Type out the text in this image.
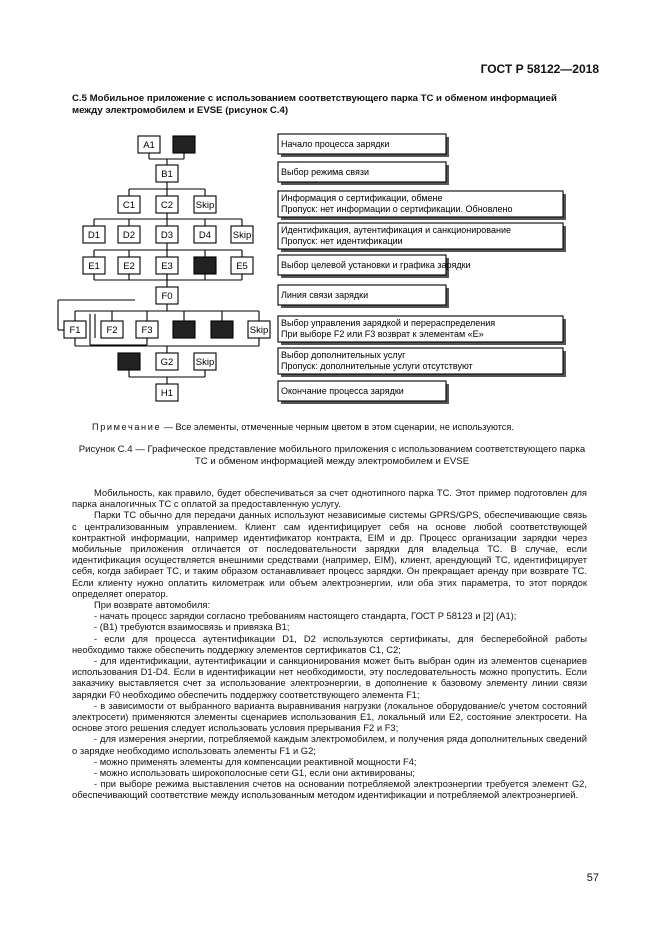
ГОСТ Р 58122—2018
С.5 Мобильное приложение с использованием соответствующего парка ТС и обменом информацией между электромобилем и EVSE (рисунок С.4)
A1
B1
C1	C2 Skip
D1 D2	D3	D4 Skip
E1 E2	E3	E5
F0
F1	F2	F3	Skip
G2 Skip
H1
Начало процесса зарядки
Выбор режима связи
Информация о сертификации, обмене
Пропуск: нет информации о сертификации. Обновлено
Идентификация, аутентификация и санкционирование
Пропуск: нет идентификации
Выбор целевой установки и графика зарядки
Линия связи зарядки
Выбор управления зарядкой и перераспределения
При выборе F2 или F3 возврат к элементам «E»
Выбор дополнительных услуг
Пропуск: дополнительные услуги отсутствуют
Окончание процесса зарядки
Примечание — Все элементы, отмеченные черным цветом в этом сценарии, не используются.
Рисунок С.4 — Графическое представление мобильного приложения с использованием соответствующего парка ТС и обменом информацией между электромобилем и EVSE

Мобильность, как правило, будет обеспечиваться за счет однотипного парка ТС. Этот пример подготовлен для парка аналогичных ТС с оплатой за предоставленную услугу.

Парки ТС обычно для передачи данных используют независимые системы GPRS/GPS, обеспечивающие связь с централизованным управлением. Клиент сам идентифицирует себя на основе любой соответствующей контрактной информации, например идентификатор контракта, EIM и др. Процесс организации зарядки через мобильные приложения отличается от последовательности зарядки для владельца ТС. В случае, если идентификация осуществляется внешними средствами (например, EIM), клиент, арендующий ТС, идентифицирует себя, когда забирает ТС, и таким образом останавливает процесс зарядки. Он прекращает аренду при возврате ТС. Если клиенту нужно оплатить километраж или объем электроэнергии, или оба этих параметра, то этот порядок определяет оператор.

При возврате автомобиля:

- начать процесс зарядки согласно требованиям настоящего стандарта, ГОСТ Р 58123 и [2] (A1);

- (B1) требуются взаимосвязь и привязка B1;

- если для процесса аутентификации D1, D2 используются сертификаты, для бесперебойной работы необходимо также обеспечить поддержку элементов сертификатов С1, С2;

- для идентификации, аутентификации и санкционирования может быть выбран один из элементов сценариев использования D1-D4. Если в идентификации нет необходимости, эту последовательность можно пропустить. Если заказчику выставляется счет за использование электроэнергии, в дополнение к базовому элементу линии связи зарядки F0 необходимо обеспечить поддержку соответствующего элемента F1;

- в зависимости от выбранного варианта выравнивания нагрузки (локальное оборудование/с учетом состояний электросети) применяются элементы сценариев использования E1, локальный или E2, состояние электросети. На основе этого решения следует использовать условия прерывания F2 и F3;

- для измерения энергии, потребляемой каждым электромобилем, и получения ряда дополнительных сведений о зарядке необходимо использовать элементы F1 и G2;

- можно применять элементы для компенсации реактивной мощности F4;

- можно использовать широкополосные сети G1, если они активированы;

- при выборе режима выставления счетов на основании потребляемой электроэнергии требуется элемент G2, обеспечивающий соответствие между использованным методом идентификации и потребляемой электроэнергией.

57
